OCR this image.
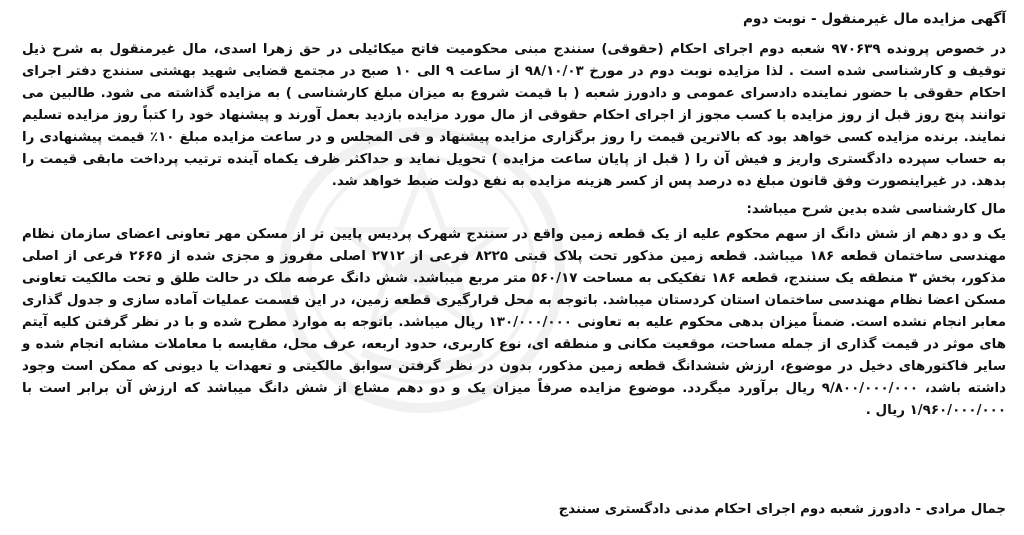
آگهی مزایده مال غیرمنقول - نوبت دوم

در خصوص پرونده ۹۷۰۶۳۹ شعبه دوم اجرای احکام (حقوقی) سنندج مبنی محکومیت فاتح میکائیلی در حق زهرا اسدی، مال غیرمنقول به شرح ذیل توقیف و کارشناسی شده است . لذا مزایده نوبت دوم در مورخ ۹۸/۱۰/۰۳ از ساعت ۹ الی ۱۰ صبح در مجتمع قضایی شهید بهشتی سنندج دفتر اجرای احکام حقوقی با حضور نماینده دادسرای عمومی و دادورز شعبه ( با قیمت شروع به میزان مبلغ کارشناسی ) به مزایده گذاشته می شود. طالبین می توانند پنج روز قبل از روز مزایده با کسب مجوز از اجرای احکام حقوقی از مال مورد مزایده بازدید بعمل آورند و پیشنهاد خود را کتباً روز مزایده تسلیم نمایند. برنده مزایده کسی خواهد بود که بالاترین قیمت را روز برگزاری مزایده پیشنهاد و فی المجلس و در ساعت مزایده مبلغ ۱۰٪ قیمت پیشنهادی را به حساب سپرده دادگستری واریز و فیش آن را ( قبل از پایان ساعت مزایده ) تحویل نماید و حداکثر ظرف یکماه آینده ترتیب پرداخت مابقی قیمت را بدهد. در غیراینصورت وفق قانون مبلغ ده درصد پس از کسر هزینه مزایده به نفع دولت ضبط خواهد شد.

مال کارشناسی شده بدین شرح میباشد:

یک و دو دهم از شش دانگ از سهم محکوم علیه از یک قطعه زمین واقع در سنندج شهرک پردیس پایین تر از مسکن مهر تعاونی اعضای سازمان نظام مهندسی ساختمان قطعه ۱۸۶ میباشد. قطعه زمین مذکور تحت پلاک قبتی ۸۲۲۵ فرعی از ۲۷۱۲ اصلی مفروز و مجزی شده از ۲۶۶۵ فرعی از اصلی مذکور، بخش ۳ منطقه یک سنندج، قطعه ۱۸۶ تفکیکی به مساحت ۵۶۰/۱۷ متر مربع میباشد. شش دانگ عرصه ملک در حالت طلق و تحت مالکیت تعاونی مسکن اعضا نظام مهندسی ساختمان استان کردستان میباشد. باتوجه به محل قرارگیری قطعه زمین، در این قسمت عملیات آماده سازی و جدول گذاری معابر انجام نشده است. ضمناً میزان بدهی محکوم علیه به تعاونی ۱۳۰/۰۰۰/۰۰۰ ریال میباشد. باتوجه به موارد مطرح شده و با در نظر گرفتن کلیه آیتم های موثر در قیمت گذاری از جمله مساحت، موقعیت مکانی و منطقه ای، نوع کاربری، حدود اربعه، عرف محل، مقایسه با معاملات مشابه انجام شده و سایر فاکتورهای دخیل در موضوع، ارزش ششدانگ قطعه زمین مذکور، بدون در نظر گرفتن سوابق مالکیتی و تعهدات یا دیونی که ممکن است وجود داشته باشد، ۹/۸۰۰/۰۰۰/۰۰۰ ریال برآورد میگردد. موضوع مزایده صرفاً میزان یک و دو دهم مشاع از شش دانگ میباشد که ارزش آن برابر است با ۱/۹۶۰/۰۰۰/۰۰۰ ریال .

جمال مرادی - دادورز شعبه دوم اجرای احکام مدنی دادگستری سنندج
